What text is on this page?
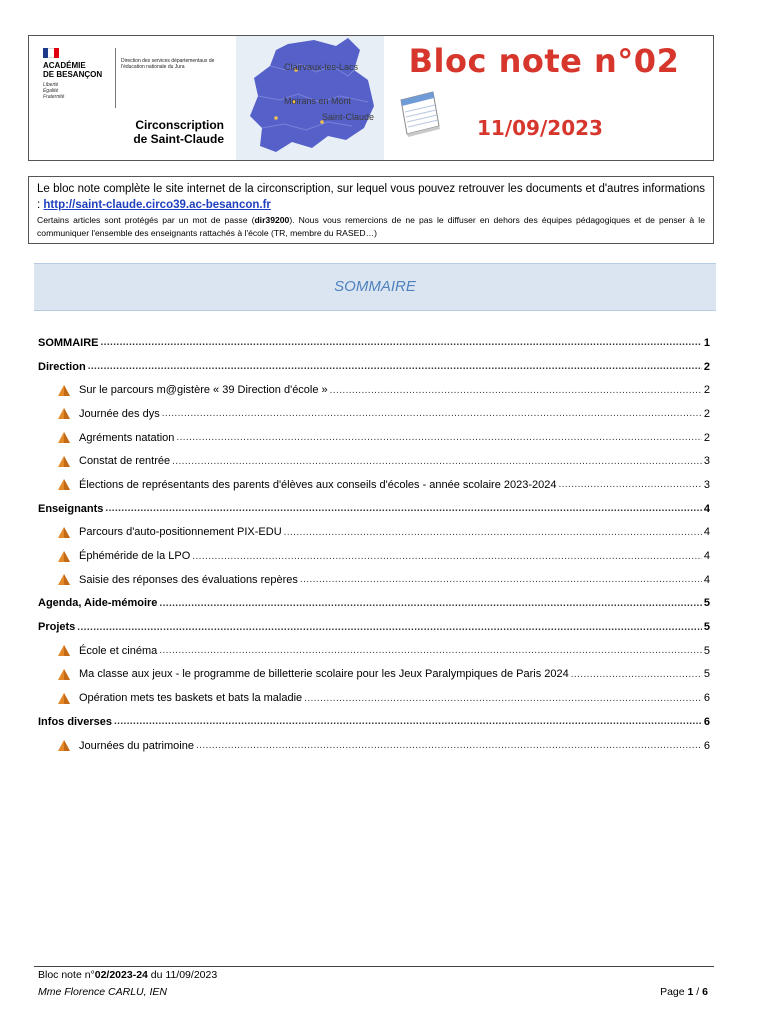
ACADÉMIE
DE BESANÇON
Liberté
Égalité
Fraternité
Direction des services départementaux de l'éducation nationale du Jura
Circonscription
de Saint-Claude
Clairvaux-les-Lacs
Moirans en Mont
Saint-Claude
Bloc note n°02
11/09/2023

Le bloc note complète le site internet de la circonscription, sur lequel vous pouvez retrouver les documents et d'autres informations : http://saint-claude.circo39.ac-besancon.fr

Certains articles sont protégés par un mot de passe (dir39200). Nous vous remercions de ne pas le diffuser en dehors des équipes pédagogiques et de penser à le communiquer l'ensemble des enseignants rattachés à l'école (TR, membre du RASED…)

SOMMAIRE
SOMMAIRE .....	1
Direction .....	2
Sur le parcours m@gistère « 39 Direction d'école » .....	2
Journée des dys .....	2
Agréments natation .....	2
Constat de rentrée .....	3
Élections de représentants des parents d'élèves aux conseils d'écoles - année scolaire 2023-2024 .....	3
Enseignants .....	4
Parcours d'auto-positionnement PIX-EDU .....	4
Éphéméride de la LPO .....	4
Saisie des réponses des évaluations repères .....	4
Agenda, Aide-mémoire .....	5
Projets .....	5
École et cinéma .....	5
Ma classe aux jeux - le programme de billetterie scolaire pour les Jeux Paralympiques de Paris 2024 .....	5
Opération mets tes baskets et bats la maladie .....	6
Infos diverses .....	6
Journées du patrimoine .....	6
Bloc note n°02/2023-24 du 11/09/2023
Mme Florence CARLU, IEN	Page 1 / 6
